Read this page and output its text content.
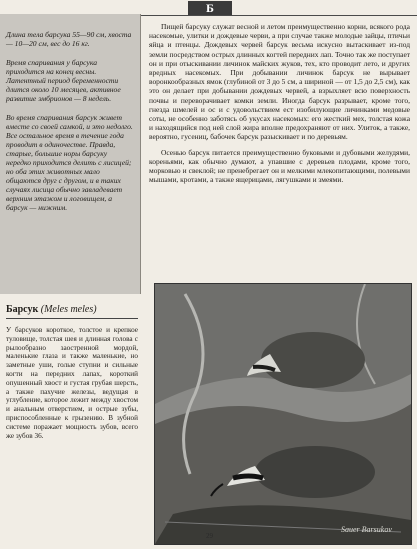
Б

Длина тела барсука 55—90 см, хвоста — 10—20 см, вес до 16 кг.

Время спаривания у барсука приходится на конец весны. Латентный период беременности длится около 10 месяцев, активное развитие эмбрионов — 8 недель.

Во время спаривания барсук живет вместе со своей самкой, и это недолго. Все остальное время в течение года проводит в одиночестве. Правда, старые, большие норы барсуку нередко приходится делить с лисицей; но оба этих животных мало общаются друг с другом, и в таких случаях лисица обычно завладевает верхним этажом и логовищем, а барсук — нижним.

Барсук (Meles meles)
У барсуков короткое, толстое и крепкое туловище, толстая шея и длинная голова с рылообразно заостренной мордой, маленькие глаза и также маленькие, но заметные уши, голые ступни и сильные когти на передних лапах, короткий опушенный хвост и густая грубая шерсть, а также пахучие железы, ведущая в углубление, которое лежит между хвостом и анальным отверстием, и острые зубы, приспособленные к грызению. В зубной системе поражает мощность зубов, всего же зубов 36.

Пищей барсуку служат весной и летом преимущественно корни, всякого рода насекомые, улитки и дождевые черви, а при случае также молодые зайцы, птичьи яйца и птенцы. Дождевых червей барсук весьма искусно вытаскивает из-под земли посредством острых длинных когтей передних лап. Точно так же поступает он и при отыскивании личинок майских жуков, тех, кто проводит лето, и других вредных насекомых. При добывании личинок барсук не вырывает воронкообразных ямок (глубиной от 3 до 5 см, а шириной — от 1,5 до 2,5 см), как это он делает при добывании дождевых червей, а взрыхляет всю поверхность почвы и переворачивает комки земли. Иногда барсук разрывает, кроме того, гнезда шмелей и ос и с удовольствием ест изобилующие личинками медовые соты, не особенно заботясь об укусах насекомых: его жесткий мех, толстая кожа и находящийся под ней слой жира вполне предохраняют от них. Улиток, а также, вероятно, гусениц, бабочек барсук разыскивает и по деревьям.

Осенью барсук питается преимущественно буковыми и дубовыми желудями, кореньями, как обычно думают, а упавшие с деревьев плодами, кроме того, морковью и свеклой; не пренебрегает он и мелкими млекопитающими, полевыми мышами, кротами, а также ящерицами, лягушками и змеями.

Sauer Barsukov
29
